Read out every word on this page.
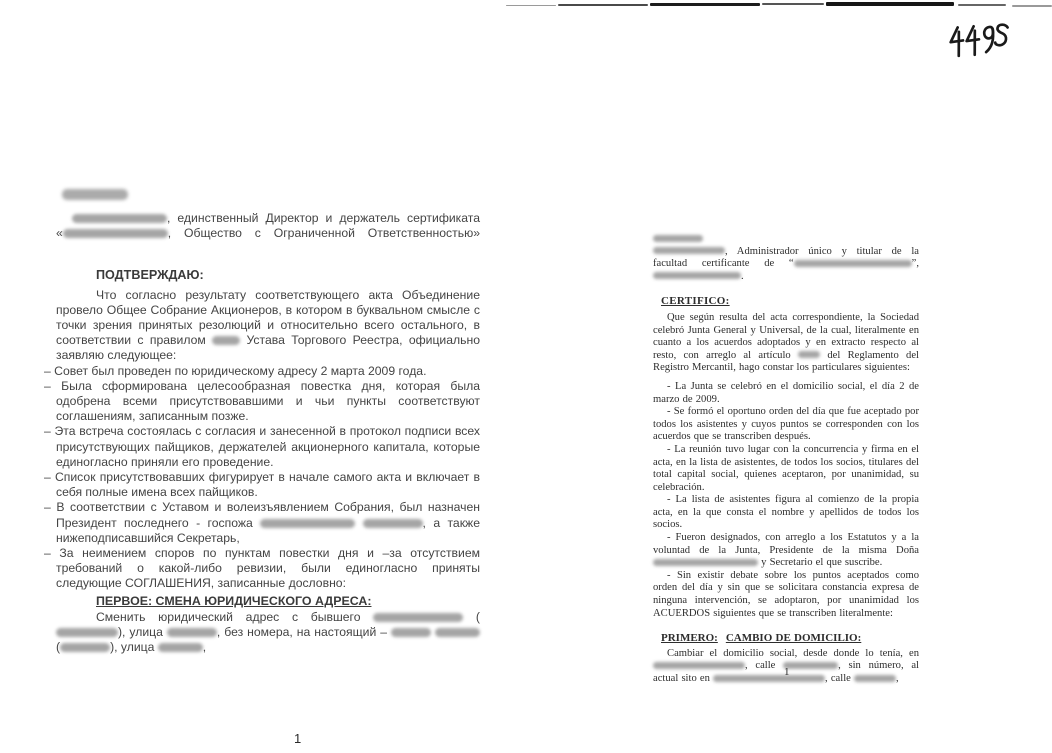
, единственный Директор и держатель сертификата
«	, Общество с Ограниченной Ответственностью»
ПОДТВЕРЖДАЮ:
Что согласно результату соответствующего акта Объединение провело Общее Собрание Акционеров, в котором в буквальном смысле с точки зрения принятых резолюций и относительно всего остального, в соответствии с правилом  Устава Торгового Реестра, официально заявляю следующее:
– Совет был проведен по юридическому адресу 2 марта 2009 года.
– Была сформирована целесообразная повестка дня, которая была одобрена всеми присутствовавшими и чьи пункты соответствуют соглашениям, записанным позже.
– Эта встреча состоялась с согласия и занесенной в протокол подписи всех присутствующих пайщиков, держателей акционерного капитала, которые единогласно приняли его проведение.
– Список присутствовавших фигурирует в начале самого акта и включает в себя полные имена всех пайщиков.
– В соответствии с Уставом и волеизъявлением Собрания, был назначен Президент последнего - госпожа	, а также нижеподписавшийся Секретарь,
– За неимением споров по пунктам повестки дня и –за отсутствием требований о какой-либо ревизии, были единогласно приняты следующие СОГЛАШЕНИЯ, записанные дословно:
ПЕРВОЕ: СМЕНА ЮРИДИЧЕСКОГО АДРЕСА:
Сменить юридический адрес с бывшего	(), улица	, без номера, на настоящий –   (	), улица	,
1
, Administrador único y titular de la
facultad certificante de “	”,
.
CERTIFICO:
Que según resulta del acta correspondiente, la Sociedad celebró Junta General y Universal, de la cual, literalmente en cuanto a los acuerdos adoptados y en extracto respecto al resto, con arreglo al artículo  del Reglamento del Registro Mercantil, hago constar los particulares siguientes:
- La Junta se celebró en el domicilio social, el día 2 de marzo de 2009.
- Se formó el oportuno orden del día que fue aceptado por todos los asistentes y cuyos puntos se corresponden con los acuerdos que se transcriben después.
- La reunión tuvo lugar con la concurrencia y firma en el acta, en la lista de asistentes, de todos los socios, titulares del total capital social, quienes aceptaron, por unanimidad, su celebración.
- La lista de asistentes figura al comienzo de la propia acta, en la que consta el nombre y apellidos de todos los socios.
- Fueron designados, con arreglo a los Estatutos y a la voluntad de la Junta, Presidente de la misma Doña  y Secretario el que suscribe.
- Sin existir debate sobre los puntos aceptados como orden del día y sin que se solicitara constancia expresa de ninguna intervención, se adoptaron, por unanimidad los ACUERDOS siguientes que se transcriben literalmente:
PRIMERO: CAMBIO DE DOMICILIO:
Cambiar el domicilio social, desde donde lo tenía, en , calle	, sin número, al actual sito en	, calle	,
1
